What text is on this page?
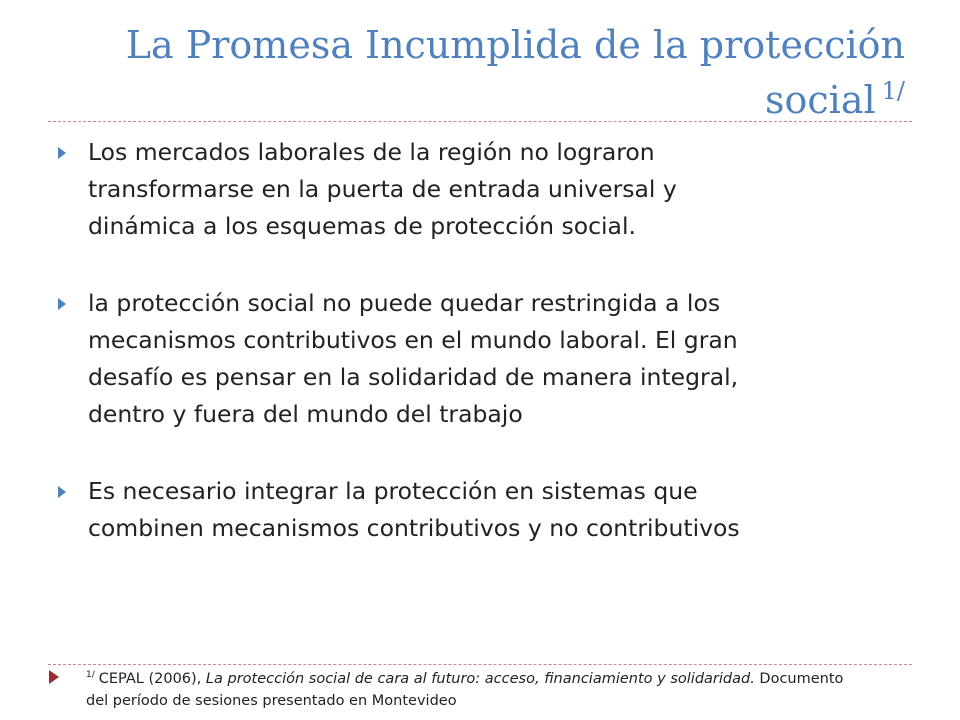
La Promesa Incumplida de la protección
social $^{1/}$
Los mercados laborales de la región no lograron
transformarse en la puerta de entrada universal y
dinámica a los esquemas de protección social.
la protección social no puede quedar restringida a los
mecanismos contributivos en el mundo laboral. El gran
desafío es pensar en la solidaridad de manera integral,
dentro y fuera del mundo del trabajo
Es necesario integrar la protección en sistemas que
combinen mecanismos contributivos y no contributivos
$^{1/}$ CEPAL (2006), La protección social de cara al futuro: acceso, financiamiento y solidaridad. Documento
del período de sesiones presentado en Montevideo
